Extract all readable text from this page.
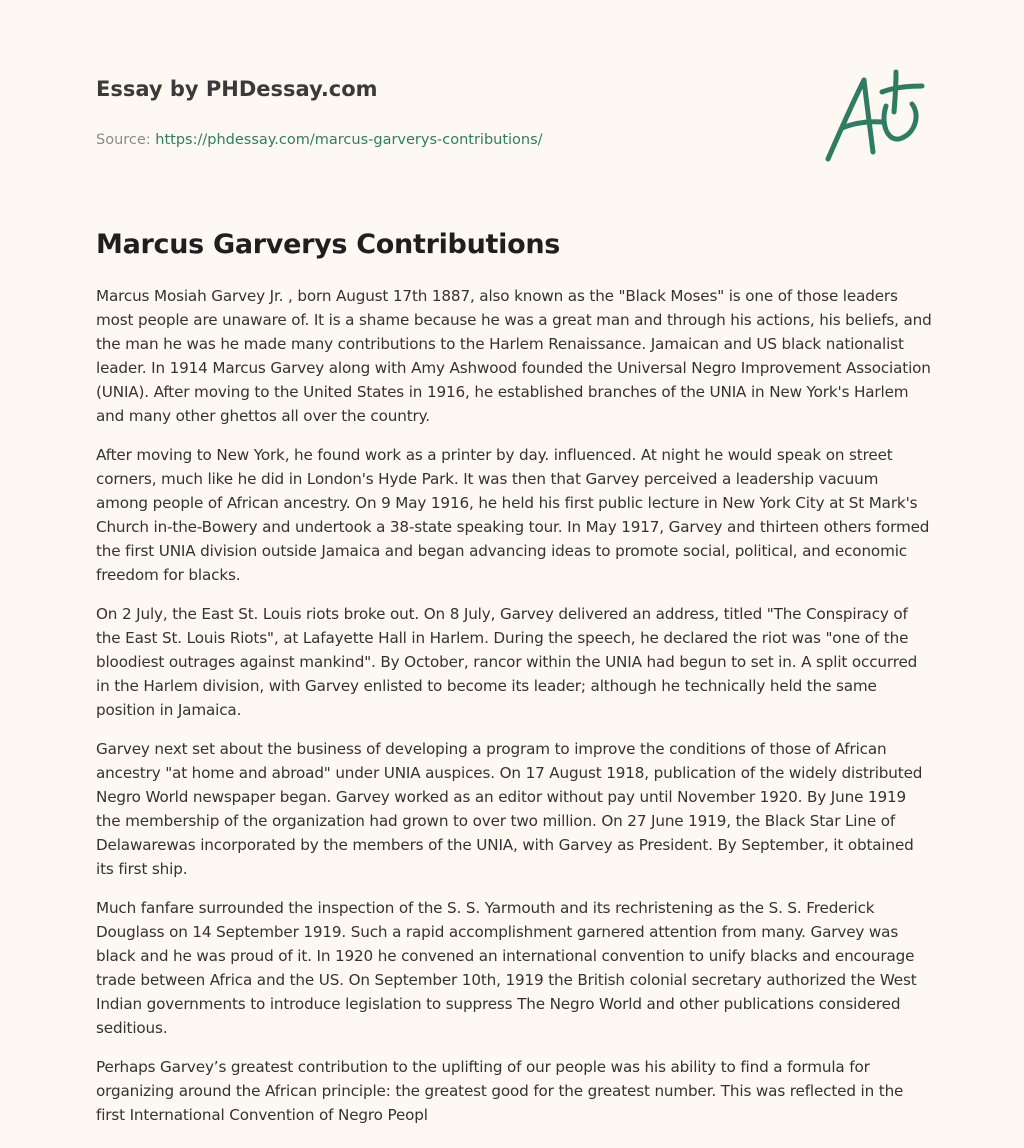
Essay by PHDessay.com
Source: https://phdessay.com/marcus-garverys-contributions/
Marcus Garverys Contributions

Marcus Mosiah Garvey Jr. , born August 17th 1887, also known as the "Black Moses" is one of those leaders most people are unaware of. It is a shame because he was a great man and through his actions, his beliefs, and the man he was he made many contributions to the Harlem Renaissance. Jamaican and US black nationalist leader. In 1914 Marcus Garvey along with Amy Ashwood founded the Universal Negro Improvement Association (UNIA). After moving to the United States in 1916, he established branches of the UNIA in New York's Harlem and many other ghettos all over the country.

After moving to New York, he found work as a printer by day. influenced. At night he would speak on street corners, much like he did in London's Hyde Park. It was then that Garvey perceived a leadership vacuum among people of African ancestry. On 9 May 1916, he held his first public lecture in New York City at St Mark's Church in-the-Bowery and undertook a 38-state speaking tour. In May 1917, Garvey and thirteen others formed the first UNIA division outside Jamaica and began advancing ideas to promote social, political, and economic freedom for blacks.

On 2 July, the East St. Louis riots broke out. On 8 July, Garvey delivered an address, titled "The Conspiracy of the East St. Louis Riots", at Lafayette Hall in Harlem. During the speech, he declared the riot was "one of the bloodiest outrages against mankind". By October, rancor within the UNIA had begun to set in. A split occurred in the Harlem division, with Garvey enlisted to become its leader; although he technically held the same position in Jamaica.

Garvey next set about the business of developing a program to improve the conditions of those of African ancestry "at home and abroad" under UNIA auspices. On 17 August 1918, publication of the widely distributed Negro World newspaper began. Garvey worked as an editor without pay until November 1920. By June 1919 the membership of the organization had grown to over two million. On 27 June 1919, the Black Star Line of Delawarewas incorporated by the members of the UNIA, with Garvey as President. By September, it obtained its first ship.

Much fanfare surrounded the inspection of the S. S. Yarmouth and its rechristening as the S. S. Frederick Douglass on 14 September 1919. Such a rapid accomplishment garnered attention from many. Garvey was black and he was proud of it. In 1920 he convened an international convention to unify blacks and encourage trade between Africa and the US. On September 10th, 1919 the British colonial secretary authorized the West Indian governments to introduce legislation to suppress The Negro World and other publications considered seditious.

Perhaps Garvey’s greatest contribution to the uplifting of our people was his ability to find a formula for organizing around the African principle: the greatest good for the greatest number. This was reflected in the first International Convention of Negro Peopl
